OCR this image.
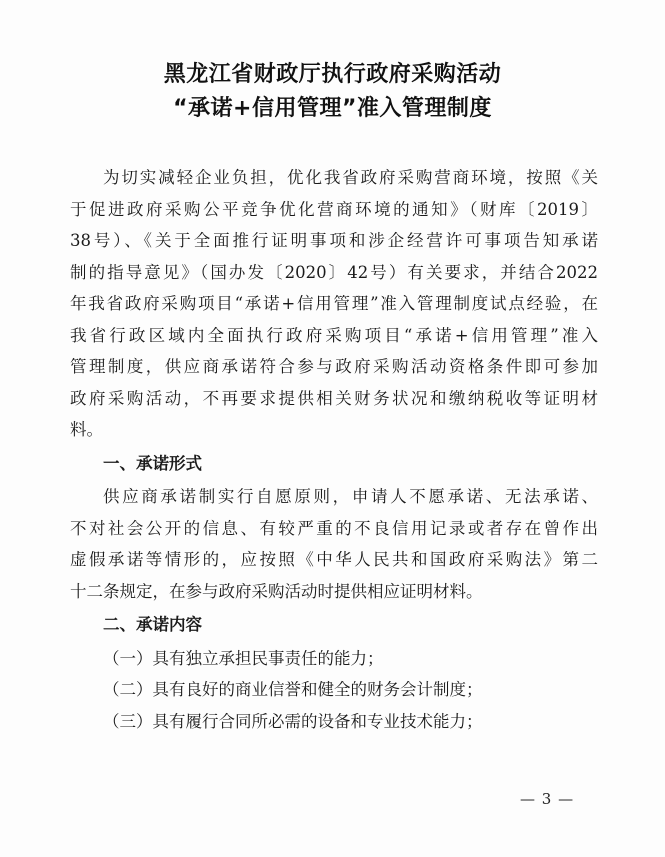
黑龙江省财政厅执行政府采购活动
“承诺+信用管理”准入管理制度
为切实减轻企业负担，优化我省政府采购营商环境，按照《关
于促进政府采购公平竞争优化营商环境的通知》（财库〔2019〕
38号）、《关于全面推行证明事项和涉企经营许可事项告知承诺
制的指导意见》（国办发〔2020〕42号）有关要求，并结合2022
年我省政府采购项目“承诺+信用管理”准入管理制度试点经验，在
我省行政区域内全面执行政府采购项目“承诺+信用管理”准入
管理制度，供应商承诺符合参与政府采购活动资格条件即可参加
政府采购活动，不再要求提供相关财务状况和缴纳税收等证明材
料。
一、承诺形式
供应商承诺制实行自愿原则，申请人不愿承诺、无法承诺、
不对社会公开的信息、有较严重的不良信用记录或者存在曾作出
虚假承诺等情形的，应按照《中华人民共和国政府采购法》第二
十二条规定，在参与政府采购活动时提供相应证明材料。
二、承诺内容
（一）具有独立承担民事责任的能力；
（二）具有良好的商业信誉和健全的财务会计制度；
（三）具有履行合同所必需的设备和专业技术能力；
— 3 —
